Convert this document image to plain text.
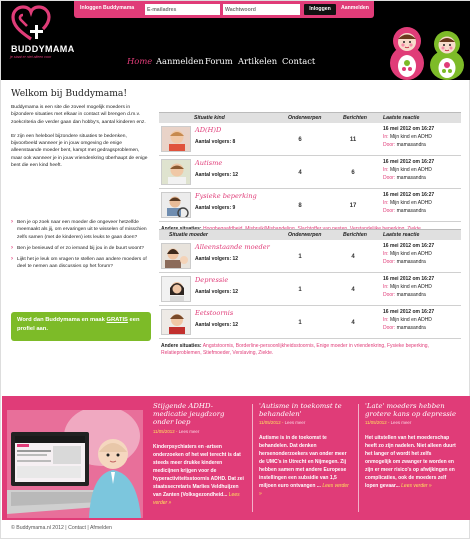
BUDDYMAMA
je staat er niet alleen voor
Inloggen Buddymama
E-mailadres	Inloggen	Aanmelden
Home Aanmelden Forum Artikelen Contact
Welkom bij Buddymama!

Buddymama is een site die zoveel mogelijk moeders in bijzondere situaties met elkaar in contact wil brengen d.m.v. zoekcriteria die verder gaan dan hobby's, aantal kinderen enz.

Er zijn een heleboel bijzondere situaties te bedenken, bijvoorbeeld wanneer je in jouw omgeving de enige alleenstaande moeder bent, kampt met gedragsproblemen, maar ook wanneer je in jouw vriendenkring überhaupt de enige bent die een kind heeft.

› Ben je op zoek naar een moeder die ongeveer hetzelfde meemaakt als jij, om ervaringen uit te wisselen of misschien zelfs samen (met de kinderen) iets leuks te gaan doen?
› Ben je benieuwd of er zo iemand bij jou in de buurt woont?
› Lijkt het je leuk om vragen te stellen aan andere moeders of deel te nemen aan discussies op het forum?
Word dan Buddymama en maak GRATIS een profiel aan.
Situatie kind	Onderwerpen	Berichten	Laatste reactie
AD(H)D
Aantal volgers: 8	6	11
16 mei 2012 om 16:27
In: Mijn kind en ADHD
Door: mamasandra
Autisme
Aantal volgers: 12	4	6
16 mei 2012 om 16:27
In: Mijn kind en ADHD
Door: mamasandra
Fysieke beperking
Aantal volgers: 9	8	17
16 mei 2012 om 16:27
In: Mijn kind en ADHD
Door: mamasandra
Situatie moeder	Onderwerpen	Berichten	Laatste reactie
Alleenstaande moeder
Aantal volgers: 12	1	4
16 mei 2012 om 16:27
In: Mijn kind en ADHD
Door: mamasandra
Depressie
Aantal volgers: 12	1	4
16 mei 2012 om 16:27
In: Mijn kind en ADHD
Door: mamasandra
Eetstoornis
Aantal volgers: 12	1	4
16 mei 2012 om 16:27
In: Mijn kind en ADHD
Door: mamasandra
Andere situaties: Angststoornis, Borderline-persoonlijkheidsstoornis, Enige moeder in vriendenkring, Fysieke beperking, Relatieproblemen, Stiefmoeder, Verslaving, Ziekte.
Stijgende ADHD-medicatie jeugdzorg onder loep
11/05/2012 - Lees meer
Kinderpsychiaters en -artsen onderzoeken of het wel terecht is dat steeds meer drukke kinderen medicijnen krijgen voor de hyperactiviteitsstoornis ADHD. Dat zei staatssecretaris Marlies Veldhuijzen van Zanten (Volksgezondheid... Lees verder »
'Autisme in toekomst te behandelen'
11/05/2012 - Lees meer
Autisme is in de toekomst te behandelen. Dat denken hersenonderzoekers van onder meer de UMC's in Utrecht en Nijmegen. Zij hebben samen met andere Europese instellingen een subsidie van 1,5 miljoen euro ontvangen ... Lees verder »
'Late' moeders hebben grotere kans op depressie
11/05/2012 - Lees meer
Het uitstellen van het moederschap heeft zo zijn nadelen. Niet alleen duurt het langer of wordt het zelfs onmogelijk om zwanger te worden en zijn er meer risico's op afwijkingen en complicaties, ook de moeders zelf lopen gevaar... Lees verder »
© Buddymama.nl 2012 | Contact | Afmelden
